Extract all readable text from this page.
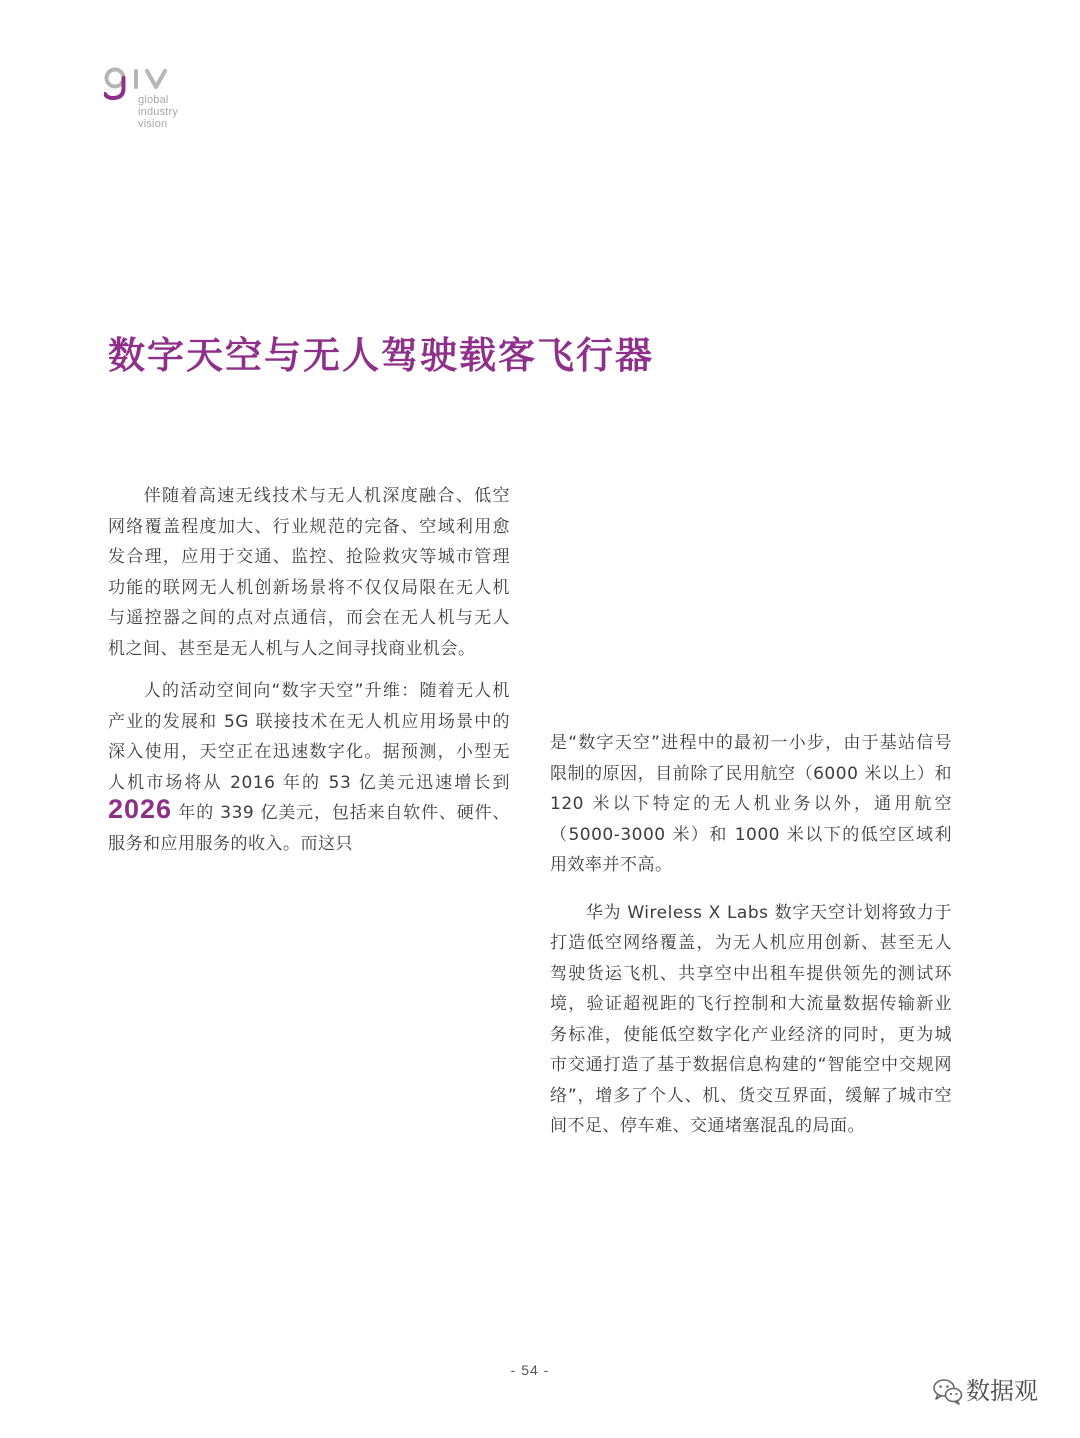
global
industry
vision
数字天空与无人驾驶载客飞行器

伴随着高速无线技术与无人机深度融合、低空网络覆盖程度加大、行业规范的完备、空域利用愈发合理，应用于交通、监控、抢险救灾等城市管理功能的联网无人机创新场景将不仅仅局限在无人机与遥控器之间的点对点通信，而会在无人机与无人机之间、甚至是无人机与人之间寻找商业机会。

人的活动空间向“数字天空”升维：随着无人机产业的发展和 5G 联接技术在无人机应用场景中的深入使用，天空正在迅速数字化。据预测，小型无人机市场将从 2016 年的 53 亿美元迅速增长到2026 年的 339 亿美元，包括来自软件、硬件、服务和应用服务的收入。而这只

是“数字天空”进程中的最初一小步，由于基站信号限制的原因，目前除了民用航空（6000 米以上）和 120 米以下特定的无人机业务以外，通用航空（5000-3000 米）和 1000 米以下的低空区域利用效率并不高。

华为 Wireless X Labs 数字天空计划将致力于打造低空网络覆盖，为无人机应用创新、甚至无人驾驶货运飞机、共享空中出租车提供领先的测试环境，验证超视距的飞行控制和大流量数据传输新业务标准，使能低空数字化产业经济的同时，更为城市交通打造了基于数据信息构建的“智能空中交规网络”，增多了个人、机、货交互界面，缓解了城市空间不足、停车难、交通堵塞混乱的局面。

- 54 -
数据观
